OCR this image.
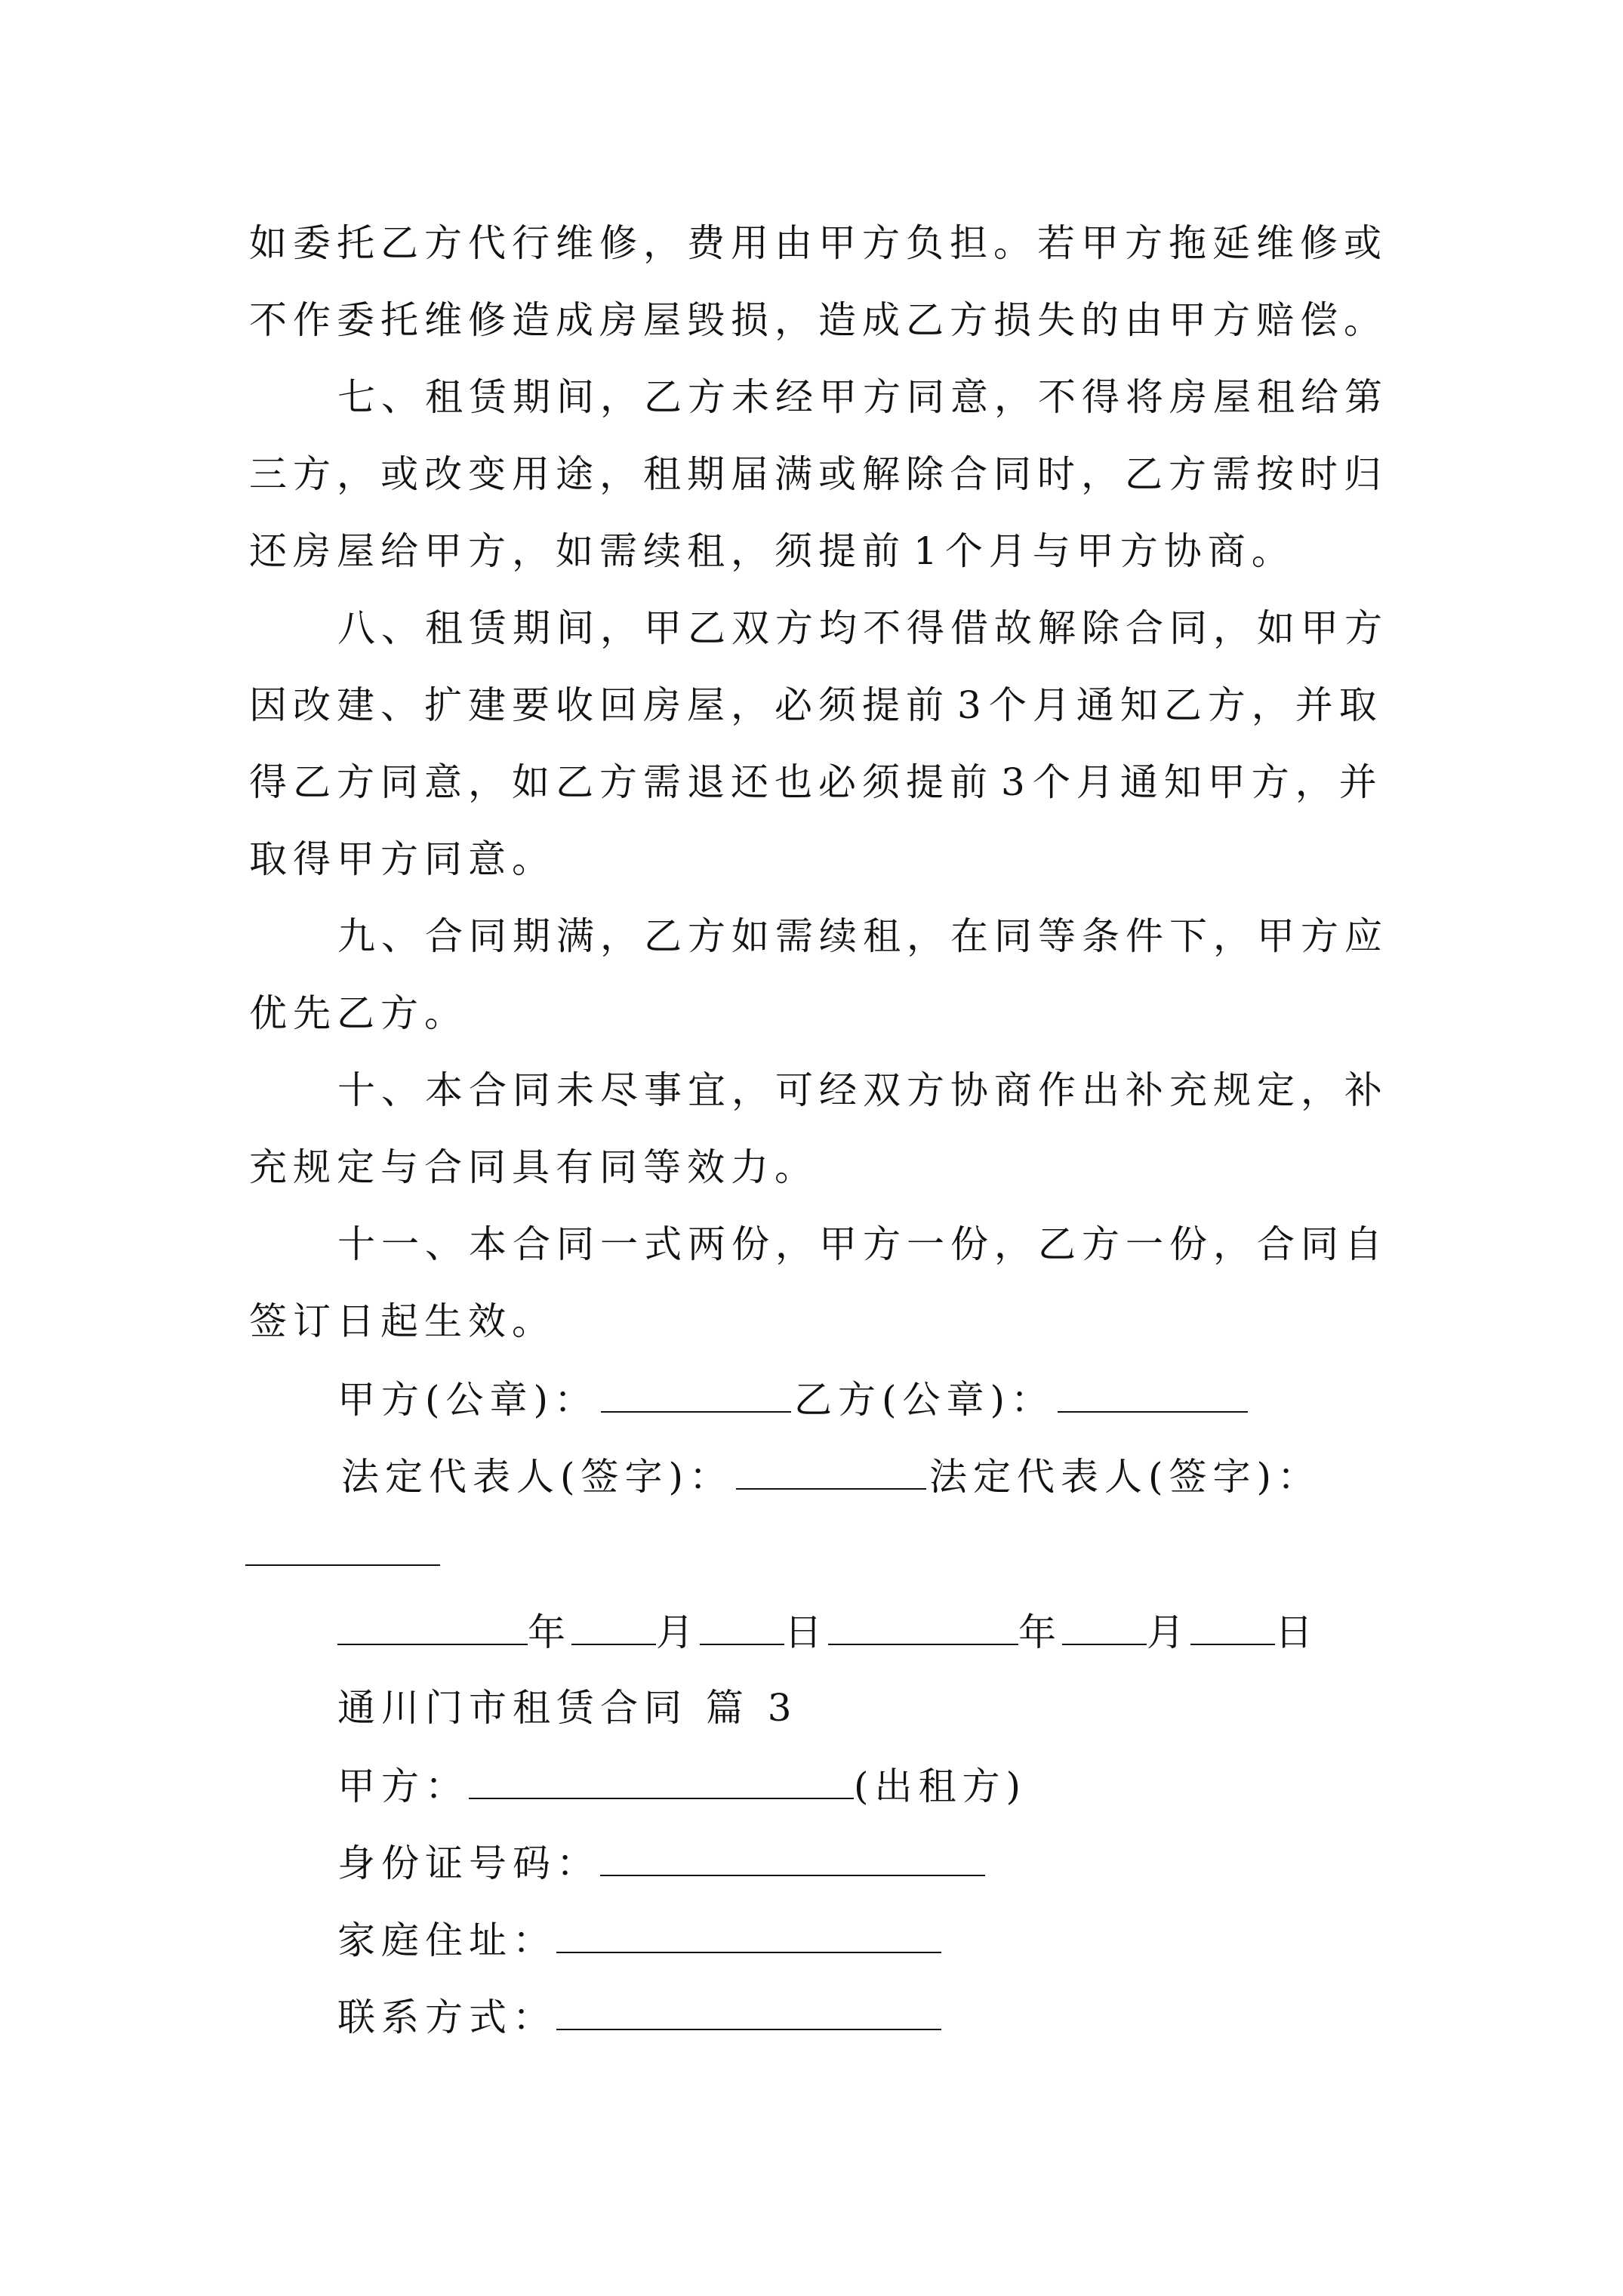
如委托乙方代行维修，费用由甲方负担。若甲方拖延维修或
不作委托维修造成房屋毁损，造成乙方损失的由甲方赔偿。
七、租赁期间，乙方未经甲方同意，不得将房屋租给第
三方，或改变用途，租期届满或解除合同时，乙方需按时归
还房屋给甲方，如需续租，须提前 1 个月与甲方协商。
八、租赁期间，甲乙双方均不得借故解除合同，如甲方
因改建、扩建要收回房屋，必须提前 3 个月通知乙方，并取
得乙方同意，如乙方需退还也必须提前 3 个月通知甲方，并
取得甲方同意。
九、合同期满，乙方如需续租，在同等条件下，甲方应
优先乙方。
十、本合同未尽事宜，可经双方协商作出补充规定，补
充规定与合同具有同等效力。
十一、本合同一式两份，甲方一份，乙方一份，合同自
签订日起生效。
甲方(公章)：	乙方(公章)：
法定代表人(签字)：	法定代表人(签字)：
年 月 日	年 月 日
通川门市租赁合同 篇 3
甲方：	(出租方)
身份证号码：
家庭住址：
联系方式：
